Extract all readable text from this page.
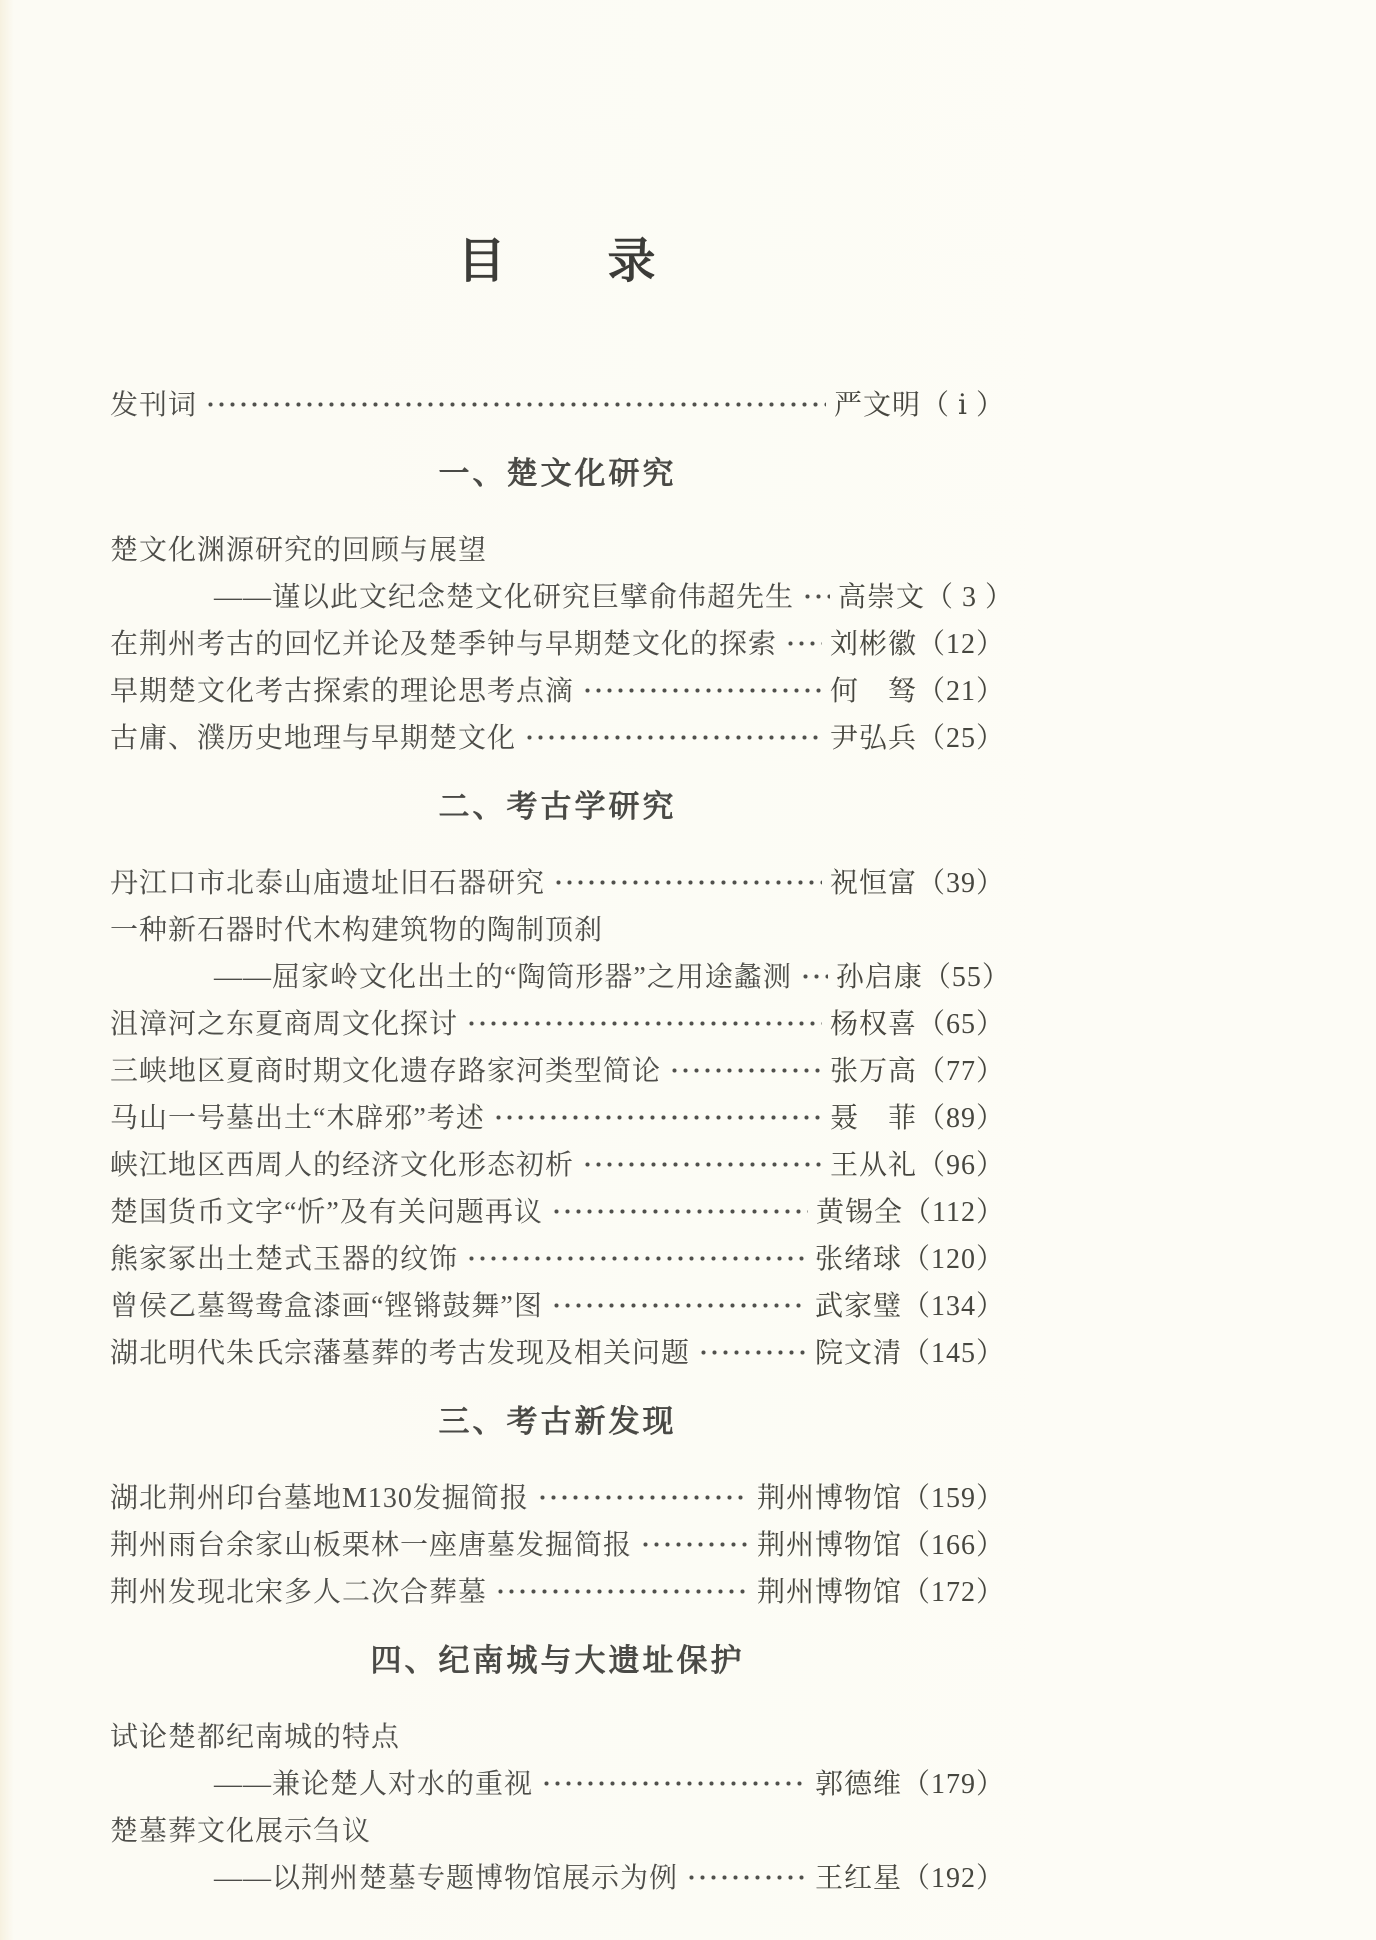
目　　录
发刊词	严文明（ ⅰ ）
一、楚文化研究
楚文化渊源研究的回顾与展望
——谨以此文纪念楚文化研究巨擘俞伟超先生 高崇文（ 3 ）
在荆州考古的回忆并论及楚季钟与早期楚文化的探索 刘彬徽（12）
早期楚文化考古探索的理论思考点滴	何　驽（21）
古庸、濮历史地理与早期楚文化	尹弘兵（25）
二、考古学研究
丹江口市北泰山庙遗址旧石器研究	祝恒富（39）
一种新石器时代木构建筑物的陶制顶刹
——屈家岭文化出土的“陶筒形器”之用途蠡测 孙启康（55）
沮漳河之东夏商周文化探讨	杨权喜（65）
三峡地区夏商时期文化遗存路家河类型简论	张万高（77）
马山一号墓出土“木辟邪”考述	聂　菲（89）
峡江地区西周人的经济文化形态初析	王从礼（96）
楚国货币文字“忻”及有关问题再议	黄锡全（112）
熊家冢出土楚式玉器的纹饰	张绪球（120）
曾侯乙墓鸳鸯盒漆画“铿锵鼓舞”图	武家璧（134）
湖北明代朱氏宗藩墓葬的考古发现及相关问题	院文清（145）
三、考古新发现
湖北荆州印台墓地M130发掘简报	荆州博物馆（159）
荆州雨台余家山板栗林一座唐墓发掘简报	荆州博物馆（166）
荆州发现北宋多人二次合葬墓	荆州博物馆（172）
四、纪南城与大遗址保护
试论楚都纪南城的特点
——兼论楚人对水的重视	郭德维（179）
楚墓葬文化展示刍议
——以荆州楚墓专题博物馆展示为例	王红星（192）
